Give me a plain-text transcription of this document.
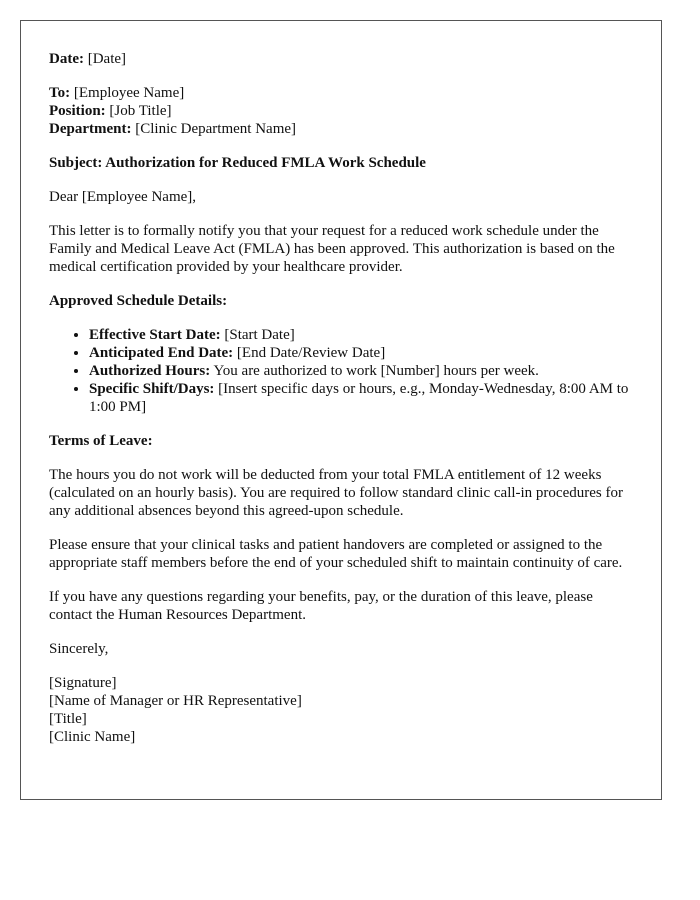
Date: [Date]

To: [Employee Name]
Position: [Job Title]
Department: [Clinic Department Name]

Subject: Authorization for Reduced FMLA Work Schedule

Dear [Employee Name],

This letter is to formally notify you that your request for a reduced work schedule under the Family and Medical Leave Act (FMLA) has been approved. This authorization is based on the medical certification provided by your healthcare provider.

Approved Schedule Details:

• Effective Start Date: [Start Date]
• Anticipated End Date: [End Date/Review Date]
• Authorized Hours: You are authorized to work [Number] hours per week.
• Specific Shift/Days: [Insert specific days or hours, e.g., Monday-Wednesday, 8:00 AM to 1:00 PM]

Terms of Leave:

The hours you do not work will be deducted from your total FMLA entitlement of 12 weeks (calculated on an hourly basis). You are required to follow standard clinic call-in procedures for any additional absences beyond this agreed-upon schedule.

Please ensure that your clinical tasks and patient handovers are completed or assigned to the appropriate staff members before the end of your scheduled shift to maintain continuity of care.

If you have any questions regarding your benefits, pay, or the duration of this leave, please contact the Human Resources Department.

Sincerely,

[Signature]
[Name of Manager or HR Representative]
[Title]
[Clinic Name]
